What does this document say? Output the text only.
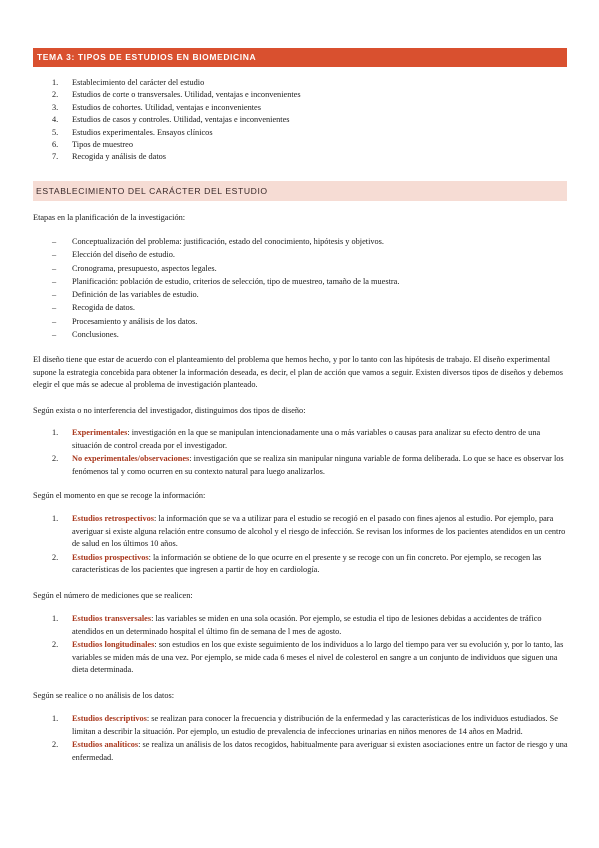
TEMA 3: TIPOS DE ESTUDIOS EN BIOMEDICINA
1. Establecimiento del carácter del estudio
2. Estudios de corte o transversales. Utilidad, ventajas e inconvenientes
3. Estudios de cohortes. Utilidad, ventajas e inconvenientes
4. Estudios de casos y controles. Utilidad, ventajas e inconvenientes
5. Estudios experimentales. Ensayos clínicos
6. Tipos de muestreo
7. Recogida y análisis de datos
ESTABLECIMIENTO DEL CARÁCTER DEL ESTUDIO
Etapas en la planificación de la investigación:
– Conceptualización del problema: justificación, estado del conocimiento, hipótesis y objetivos.
– Elección del diseño de estudio.
– Cronograma, presupuesto, aspectos legales.
– Planificación: población de estudio, criterios de selección, tipo de muestreo, tamaño de la muestra.
– Definición de las variables de estudio.
– Recogida de datos.
– Procesamiento y análisis de los datos.
– Conclusiones.
El diseño tiene que estar de acuerdo con el planteamiento del problema que hemos hecho, y por lo tanto con las hipótesis de trabajo. El diseño experimental supone la estrategia concebida para obtener la información deseada, es decir, el plan de acción que vamos a seguir. Existen diversos tipos de diseños y debemos elegir el que más se adecue al problema de investigación planteado.
Según exista o no interferencia del investigador, distinguimos dos tipos de diseño:
1. Experimentales: investigación en la que se manipulan intencionadamente una o más variables o causas para analizar su efecto dentro de una situación de control creada por el investigador.
2. No experimentales/observaciones: investigación que se realiza sin manipular ninguna variable de forma deliberada. Lo que se hace es observar los fenómenos tal y como ocurren en su contexto natural para luego analizarlos.
Según el momento en que se recoge la información:
1. Estudios retrospectivos: la información que se va a utilizar para el estudio se recogió en el pasado con fines ajenos al estudio. Por ejemplo, para averiguar si existe alguna relación entre consumo de alcohol y el riesgo de infección. Se revisan los informes de los pacientes atendidos en un centro de salud en los últimos 10 años.
2. Estudios prospectivos: la información se obtiene de lo que ocurre en el presente y se recoge con un fin concreto. Por ejemplo, se recogen las características de los pacientes que ingresen a partir de hoy en cardiología.
Según el número de mediciones que se realicen:
1. Estudios transversales: las variables se miden en una sola ocasión. Por ejemplo, se estudia el tipo de lesiones debidas a accidentes de tráfico atendidos en un determinado hospital el último fin de semana de l mes de agosto.
2. Estudios longitudinales: son estudios en los que existe seguimiento de los individuos a lo largo del tiempo para ver su evolución y, por lo tanto, las variables se miden más de una vez. Por ejemplo, se mide cada 6 meses el nivel de colesterol en sangre a un conjunto de individuos que siguen una dieta determinada.
Según se realice o no análisis de los datos:
1. Estudios descriptivos: se realizan para conocer la frecuencia y distribución de la enfermedad y las características de los individuos estudiados. Se limitan a describir la situación. Por ejemplo, un estudio de prevalencia de infecciones urinarias en niños menores de 14 años en Madrid.
2. Estudios analíticos: se realiza un análisis de los datos recogidos, habitualmente para averiguar si existen asociaciones entre un factor de riesgo y una enfermedad.
